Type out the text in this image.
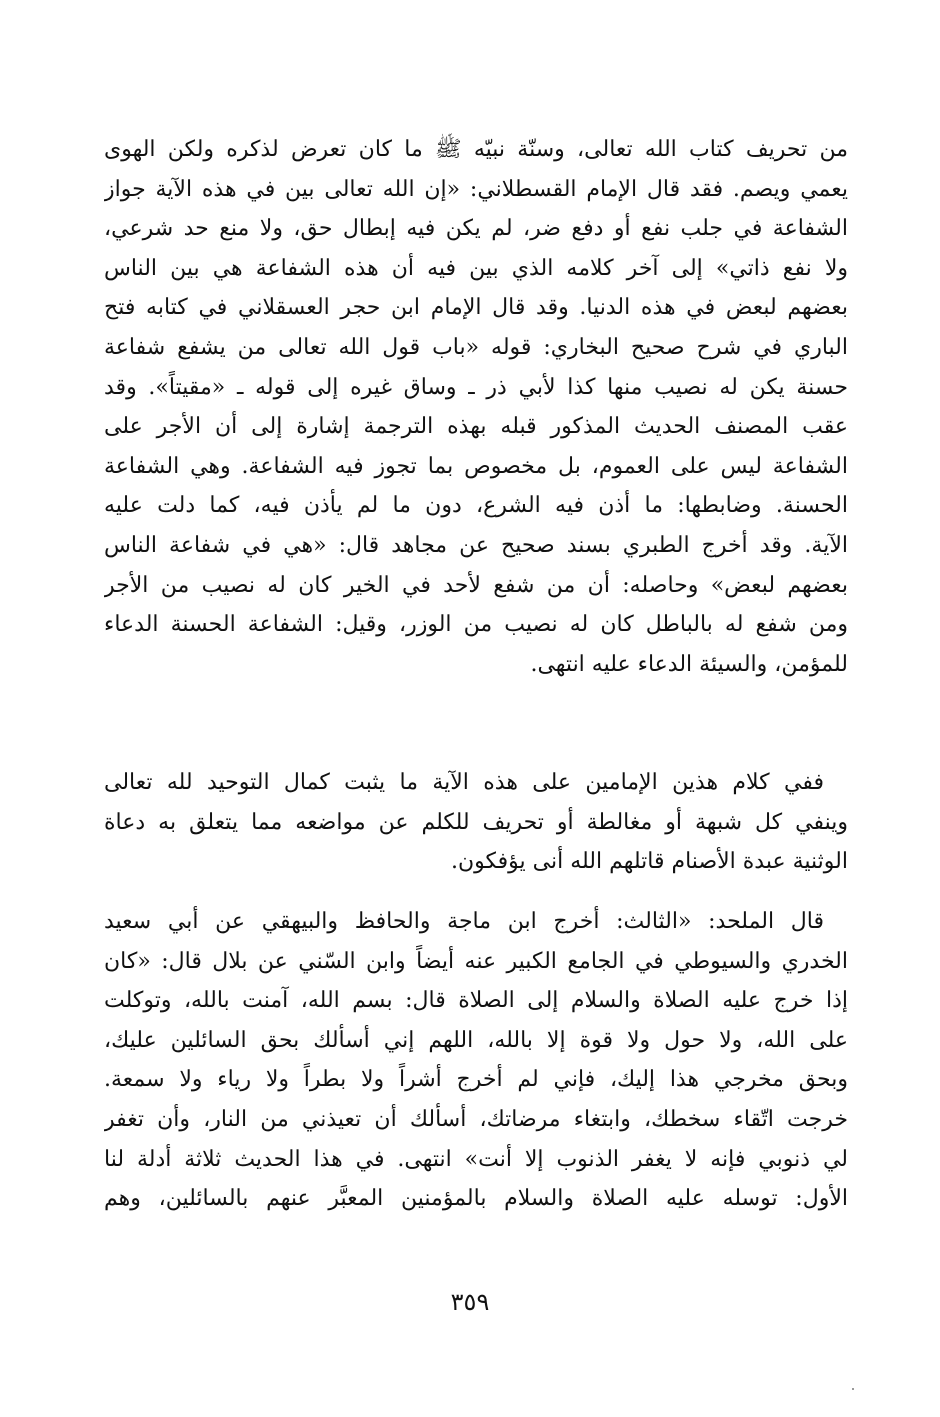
من تحريف كتاب الله تعالى، وسنّة نبيّه ﷺ ما كان تعرض لذكره ولكن الهوى
يعمي ويصم. فقد قال الإمام القسطلاني: «إن الله تعالى بين في هذه الآية جواز
الشفاعة في جلب نفع أو دفع ضر، لم يكن فيه إبطال حق، ولا منع حد شرعي،
ولا نفع ذاتي» إلى آخر كلامه الذي بين فيه أن هذه الشفاعة هي بين الناس
بعضهم لبعض في هذه الدنيا. وقد قال الإمام ابن حجر العسقلاني في كتابه فتح
الباري في شرح صحيح البخاري: قوله «باب قول الله تعالى من يشفع شفاعة
حسنة يكن له نصيب منها كذا لأبي ذر ـ وساق غيره إلى قوله ـ «مقيتاً». وقد
عقب المصنف الحديث المذكور قبله بهذه الترجمة إشارة إلى أن الأجر على
الشفاعة ليس على العموم، بل مخصوص بما تجوز فيه الشفاعة. وهي الشفاعة
الحسنة. وضابطها: ما أذن فيه الشرع، دون ما لم يأذن فيه، كما دلت عليه
الآية. وقد أخرج الطبري بسند صحيح عن مجاهد قال: «هي في شفاعة الناس
بعضهم لبعض» وحاصله: أن من شفع لأحد في الخير كان له نصيب من الأجر
ومن شفع له بالباطل كان له نصيب من الوزر، وقيل: الشفاعة الحسنة الدعاء
للمؤمن، والسيئة الدعاء عليه انتهى.
ففي كلام هذين الإمامين على هذه الآية ما يثبت كمال التوحيد لله تعالى
وينفي كل شبهة أو مغالطة أو تحريف للكلم عن مواضعه مما يتعلق به دعاة
الوثنية عبدة الأصنام قاتلهم الله أنى يؤفكون.
قال الملحد: «الثالث: أخرج ابن ماجة والحافظ والبيهقي عن أبي سعيد
الخدري والسيوطي في الجامع الكبير عنه أيضاً وابن السّني عن بلال قال: «كان
إذا خرج عليه الصلاة والسلام إلى الصلاة قال: بسم الله، آمنت بالله، وتوكلت
على الله، ولا حول ولا قوة إلا بالله، اللهم إني أسألك بحق السائلين عليك،
وبحق مخرجي هذا إليك، فإني لم أخرج أشراً ولا بطراً ولا رياء ولا سمعة.
خرجت اتّقاء سخطك، وابتغاء مرضاتك، أسألك أن تعيذني من النار، وأن تغفر
لي ذنوبي فإنه لا يغفر الذنوب إلا أنت» انتهى. في هذا الحديث ثلاثة أدلة لنا
الأول: توسله عليه الصلاة والسلام بالمؤمنين المعبَّر عنهم بالسائلين، وهم
٣٥٩
